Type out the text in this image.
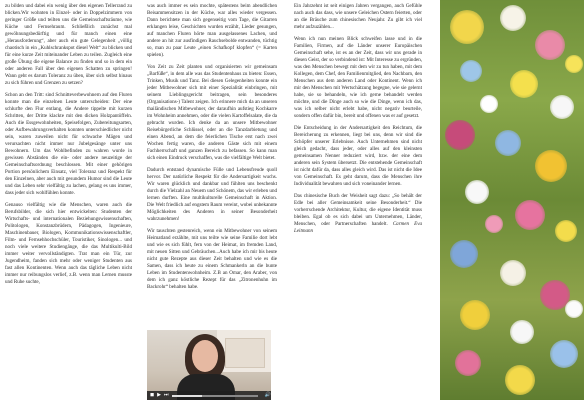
zu bilden und dabei ein wenig über den eigenen Tellerrand zu blicken.Wir wohnten in Einzel- oder in Doppelzimmern von geringer Größe und teilten uns die Gemeinschaftsräume, wie Küche und Fernsehraum. Schließlich zunächst mal gewöhnungsbedürftig und für manch einen eine „Herausforderung“, aber auch ein gute Gelegenheit „völlig chaotisch in ein „Kuhlschrankspot diesel Welt“ zu blicken und für eine kurze Zeit miteinander Leben zu teilen. Zugleich eine große Übung die eigene Balance zu finden und so in dem ein oder anderen Fall über den eigenen Schatten zu springen! Wann geht es darum Toleranz zu üben, über sich selbst hinaus zu sich führen und Grenzen zu setzen?

Schon an den Tritt: sind Schnitteverbewohnern auf den Fluren konnte man die einzelnen Leute unterscheiden: Der eine schlurfte den Flur entlang, die Andere tippelte mit kurzen Schritten, der Dritte klackte mit den dicken Holzpantöffeln. Auch die Essgewohnheiten, Speisefolgen, Zubereitungsarten, oder Aufbewahrungsverhalten konnten unterschiedlicher nicht sein, waren zuweilen nicht für schwache Mägen und verursachten nicht immer nur Jubelgesänge unter uns Bewohnern. Um das Wohlbefinden zu wahren wurde in gewissen Abständen die ein- oder andere neuzeitige der Gemeinschaftsordnung beschlossen. Mit einer gehörigen Portion persönlichem Einsatz, viel Toleranz und Respekt für den Einzelnen, aber auch mit gesundem Humor sind die Leute und das Leben sehr vielfältig zu lachen, gelang es uns immer, dass jeder sich wohlfühlen konnte.

Genauso vielfältig wie die Menschen, waren auch die Berufsbilder, die sich hier entwickelten: Studenten der Wirtschafts- und internationalen Beziehungswissenschaften, Politologen, Konstanzbrüdern, Pädagogen, Ingenieure, Maschinenbauer, Biologen, Kommunikationswissenschaftler, Film- und Fernsehhochschüler, Touristiker, Sinologen... und noch viele weitere Studiengänge, die das Multikulti-Bild immer weiter vervollständigten. Trat man ein Tür, zur Jugendheim, fanden sich mehr oder weniger Studenten aus fast allen Kontinenten. Wenn auch das tägliche Leben nicht immer nur reibungslos verlief, z.B. wenn man Lernen musste und Ruhe suchte,

was auch immer es sein mochte, spätestens beim abendlichen Beisammensitzen in der Küche, war alles wieder vergessen. Dann berichtete man sich gegenseitig vom Tage, die Gitarren erklangen leise, Geschichten wurden erzählt, Lieder gesungen, auf manchen Fluren hörte man ausgelassenes Lachen, und andere an hit zur ausfindigen Rauchsebolde entwanden, tüchtig so, man zu paar Leute „einen Schafkopf klopfen“ (= Karten spielen).

Von Zeit zu Zeit planten und organisierten wir gemeinsam „Barfüße“, in dem alle was das Studentenhaus zu bieten: Essen, Trinken, Musik und Tanz. Bei diesen Gelegenheiten konnte ein jeder Mitbewohner sich mit einer Spezialität einbringen, mit seinem Lieblingsgericht beitragen, sein besonderes (Organisations-) Talent zeigen. Ich erinnere mich da an unseren thailändischen Mitbewohner, der daraufhin aufstieg Kochkarre im Wohnheim annehmen, oder die vielen Kartoffelsalate, die da gebracht wurden. Ich denke da an unsere Mitbewohner Reisebürgerliche Schlüssel, oder an die Tanzdarbietung und einen Abend, an dem die feierlichen Tische erst nach zwei Wochen fertig waren, die anderen Gäste sich mit einem Fachherrschaft und ganzen Bereich zu befassen. So kann man sich einen Eindruck verschaffen, was die vielfältige Welt bietet.

Dadurch entstand dynamische Fülle und Lebensfreude quoll hervor. Der natürliche Respekt für die Andersartigkeit wuchs. Wir waren glücklich und dankbar und fühlten uns beschenkt durch die Vielzahl an Neuem und Schönem, das wir erleben und lernen durften. Eine multikulturelle Gemeinschaft in Aktion. Die Welt friedlich auf engstem Raum vereint, wobei unbekannte Möglichkeiten des Anderen in seiner Besonderheit wahrzunehmen!

Wir tauschten gestenreich, wenn ein Mitbewohner von seinem Heimatland erzählte, mit uns teilte wie seine Familie dort lebt und wie es sich fühlt, fern von der Heimat, im fremden Land, mit neuen Sitten und Gebräuchen...Auch habe ich mir bis heute nicht gute Rezepte aus dieser Zeit behalten und wie es die Samen, dass ich heute zu einem Schmankerln an die bunte Leben im Studentenwohnheim. Z.B an Omar, den Araber, von dem ich ganz köstliche Rezept für das „Zitronenhuhn im Backrohr“ behalten habe.

◼ ▶ ⏭	🔊

Ein Jahrzehnt ist seit einigen Jahren vergangen, auch Gefühle nach auch das dass, wie unsere Geleichen Ostern feierten, oder an die Bräuche zum chinesischen Neujahr. Zu gibt ich viel mehr aufzuzählen...

Wenn ich nun meinen Blick schweifen lasse und in die Familien, Firmen, auf die Länder unserer Europäischen Gemeinschaft sehe, ist es an der Zeit, dass wir uns gerade in diesen Geist, der so verbindend ist: Mit Interesse zu ergründen, was den Menschen bewegt mit dem wir zu tun haben, mit dem Kollegen, dem Chef, den Familienmitglied, den Nachbarn, den Menschen aus dem anderen Land oder Kontinent. Wenn ich mir den Menschen mit Wertschätzung begegne, wie sie gelernt habe, sie so behandeln, wie ich gerne behandelt werden möchte, und die Dinge auch so wie die Dinge, wenn ich das, was ich selber nicht erlebt habe, nicht negativ beurteile, sondern offen dafür bin, bereit und offenen was er auf gesetzt.

Die Entscheidung in der Andersartigkeit den Reichtum, die Bereicherung zu erkennen, liegt bei uns, denn wir sind die Schöpfer unserer Erlebnisse. Auch Unternehmen sind nicht gleich gedacht, dass jeder, oder alles auf den kleinsten gemeinsamen Nenner reduziert wird, bzw. der eine dem anderen sein System übersetzt. Die entstehende Gemeinschaft ist nicht dafür da, dass alles gleich wird. Das ist nicht die Idee von Gemeinschaft. Es geht darum, dass die Menschen ihre Individualität bewahren und sich voneinander lernen.

Das chinesische Buch der Weisheit sagt dazu: „So behält der Edle bei aller Gemeinsamkeit seine Besonderheit.“ Die vorherrschende Architektur, Kultur, die eigene Identität muss bleiben. Egal ob es sich dabei um Unternehmen, Länder, Menschen, oder Partnerschaften handelt. Carmen Eva Leitmann
